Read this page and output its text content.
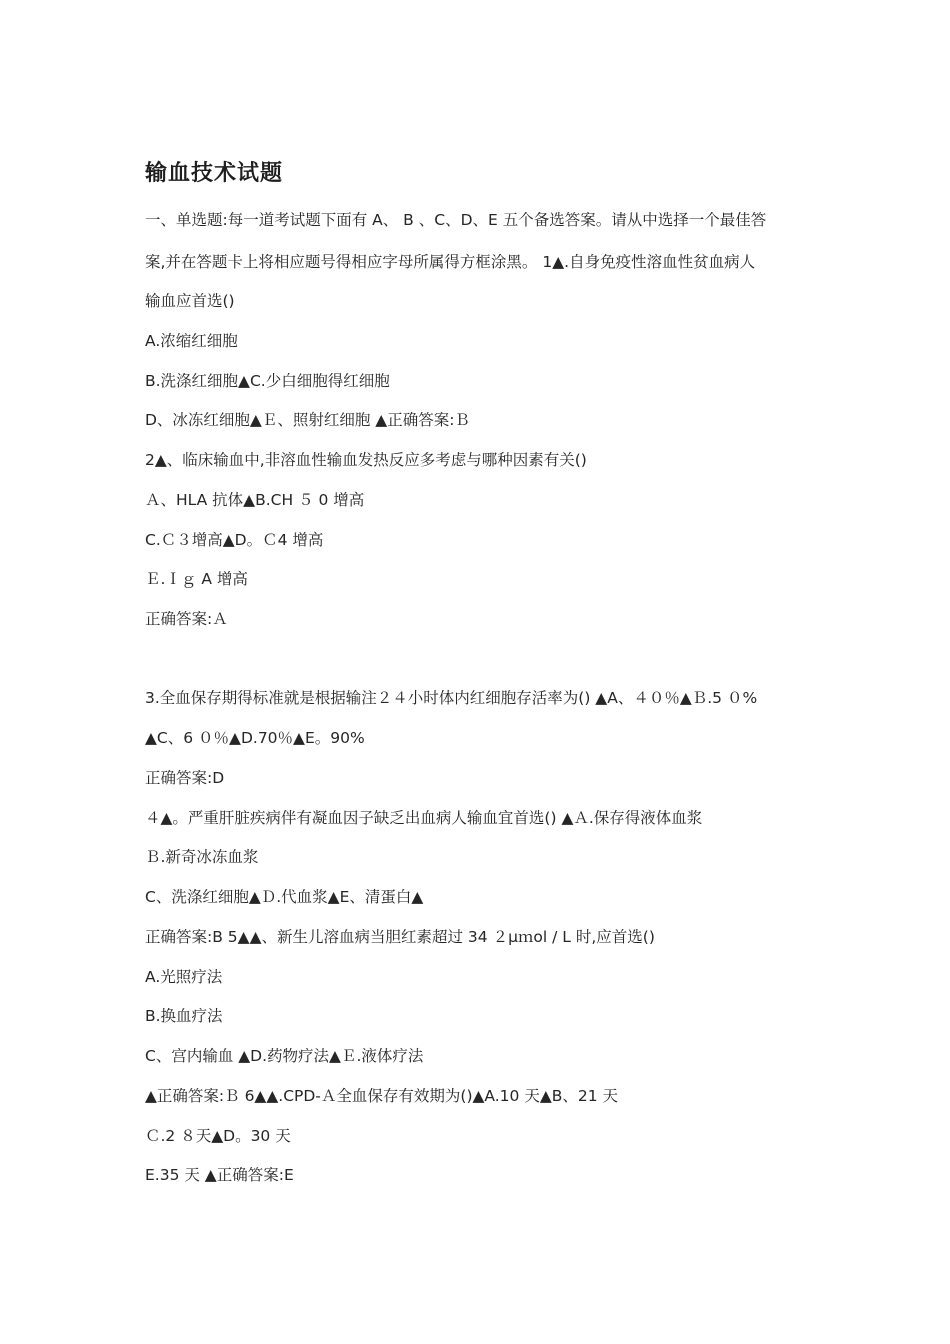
输血技术试题
一、单选题:每一道考试题下面有 A、 B 、C、D、E 五个备选答案。请从中选择一个最佳答
案,并在答题卡上将相应题号得相应字母所属得方框涂黑。 1▲.自身免疫性溶血性贫血病人
输血应首选()
A.浓缩红细胞
B.洗涤红细胞▲C.少白细胞得红细胞
D、冰冻红细胞▲Ｅ、照射红细胞 ▲正确答案:Ｂ
2▲、临床输血中,非溶血性输血发热反应多考虑与哪种因素有关()
Ａ、HLA 抗体▲B.CH ５ 0 增高
C.Ｃ３增高▲D。Ｃ4 增高
Ｅ.Ｉｇ A 增高
正确答案:Ａ
3.全血保存期得标准就是根据输注２４小时体内红细胞存活率为() ▲A、４０％▲Ｂ.5 ０%
▲C、6 ０％▲D.70％▲E。90%
正确答案:D
４▲。严重肝脏疾病伴有凝血因子缺乏出血病人输血宜首选() ▲Ａ.保存得液体血浆
Ｂ.新奇冰冻血浆
C、洗涤红细胞▲Ｄ.代血浆▲E、清蛋白▲
正确答案:B 5▲▲、新生儿溶血病当胆红素超过 34 ２μｍol / L 时,应首选()
A.光照疗法
B.换血疗法
C、宫内输血 ▲D.药物疗法▲Ｅ.液体疗法
▲正确答案:Ｂ 6▲▲.CPD-Ａ全血保存有效期为()▲A.10 天▲B、21 天
Ｃ.2 ８天▲D。30 天
E.35 天 ▲正确答案:E
